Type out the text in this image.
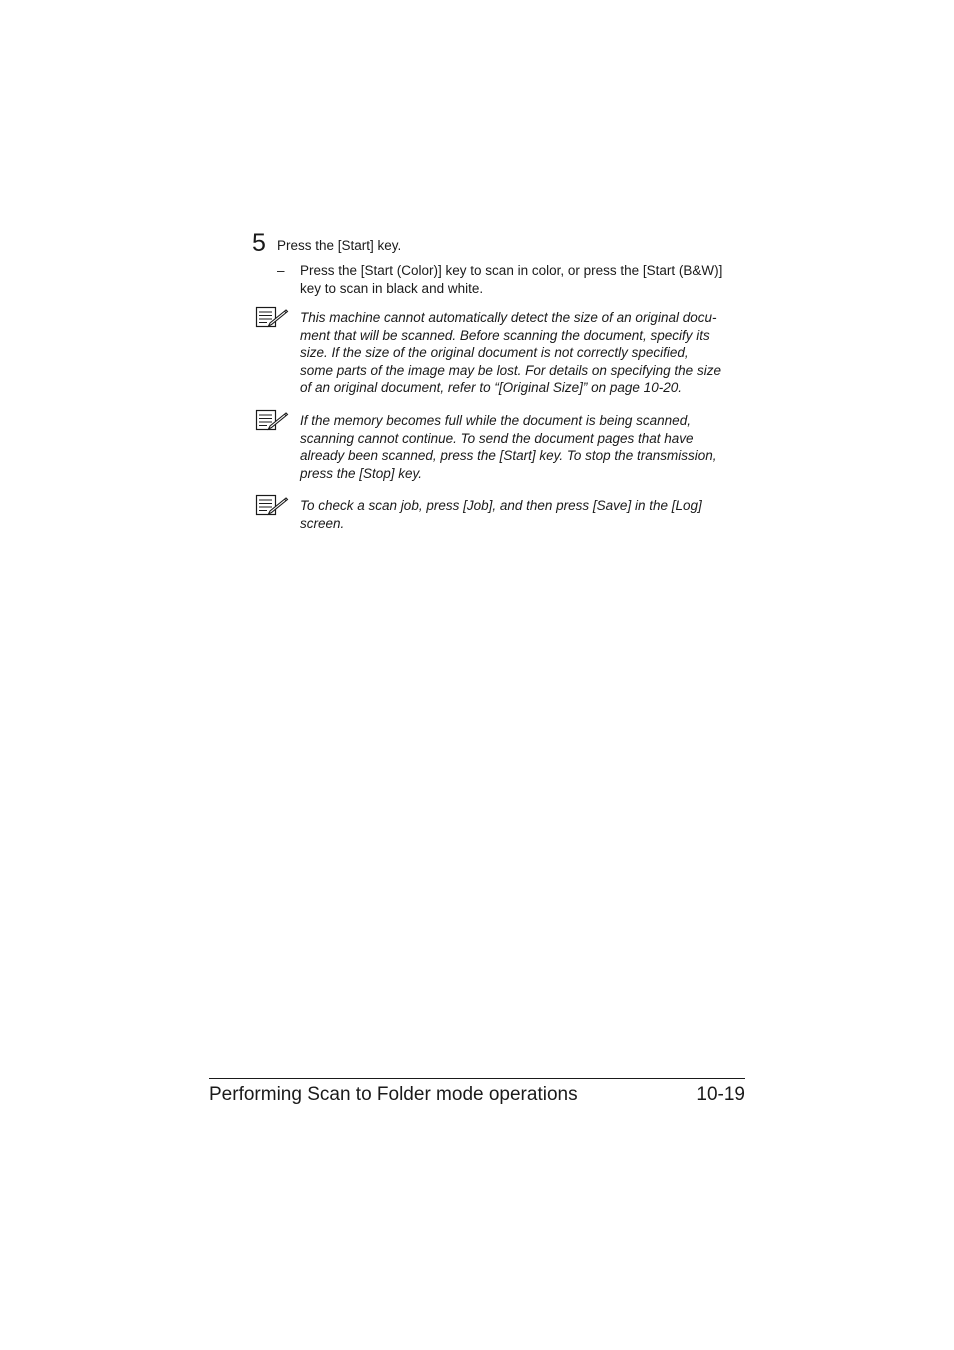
5 Press the [Start] key.
– Press the [Start (Color)] key to scan in color, or press the [Start (B&W)]
key to scan in black and white.
This machine cannot automatically detect the size of an original docu-
ment that will be scanned. Before scanning the document, specify its
size. If the size of the original document is not correctly specified,
some parts of the image may be lost. For details on specifying the size
of an original document, refer to “[Original Size]” on page 10-20.
If the memory becomes full while the document is being scanned,
scanning cannot continue. To send the document pages that have
already been scanned, press the [Start] key. To stop the transmission,
press the [Stop] key.
To check a scan job, press [Job], and then press [Save] in the [Log]
screen.
Performing Scan to Folder mode operations	10-19
